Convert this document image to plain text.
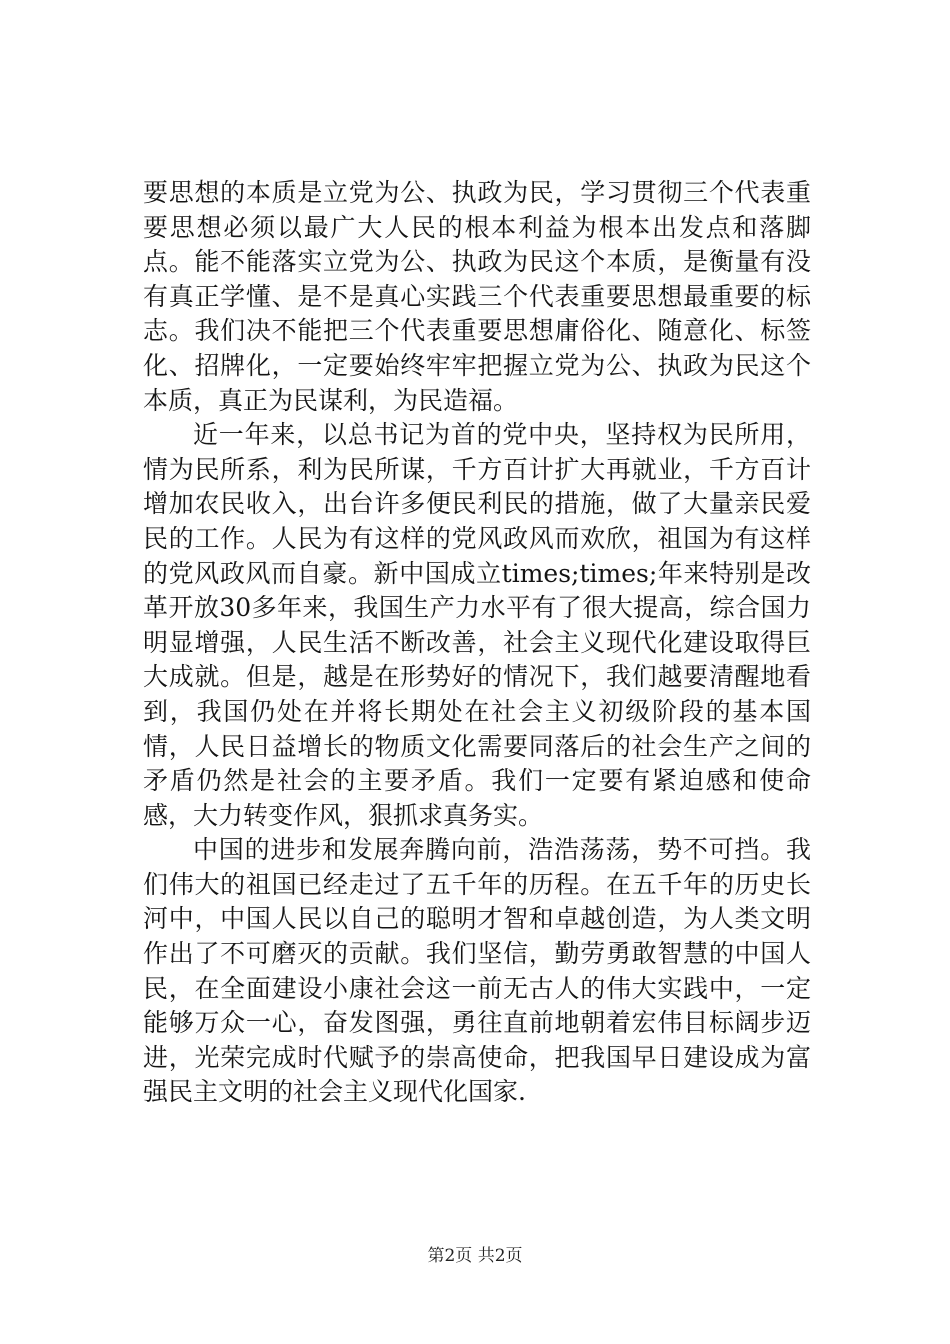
要思想的本质是立党为公、执政为民，学习贯彻三个代表重要思想必须以最广大人民的根本利益为根本出发点和落脚点。能不能落实立党为公、执政为民这个本质，是衡量有没有真正学懂、是不是真心实践三个代表重要思想最重要的标志。我们决不能把三个代表重要思想庸俗化、随意化、标签化、招牌化，一定要始终牢牢把握立党为公、执政为民这个本质，真正为民谋利，为民造福。

近一年来，以总书记为首的党中央，坚持权为民所用，情为民所系，利为民所谋，千方百计扩大再就业，千方百计增加农民收入，出台许多便民利民的措施，做了大量亲民爱民的工作。人民为有这样的党风政风而欢欣，祖国为有这样的党风政风而自豪。新中国成立times;times;年来特别是改革开放30多年来，我国生产力水平有了很大提高，综合国力明显增强，人民生活不断改善，社会主义现代化建设取得巨大成就。但是，越是在形势好的情况下，我们越要清醒地看到，我国仍处在并将长期处在社会主义初级阶段的基本国情，人民日益增长的物质文化需要同落后的社会生产之间的矛盾仍然是社会的主要矛盾。我们一定要有紧迫感和使命感，大力转变作风，狠抓求真务实。

中国的进步和发展奔腾向前，浩浩荡荡，势不可挡。我们伟大的祖国已经走过了五千年的历程。在五千年的历史长河中，中国人民以自己的聪明才智和卓越创造，为人类文明作出了不可磨灭的贡献。我们坚信，勤劳勇敢智慧的中国人民，在全面建设小康社会这一前无古人的伟大实践中，一定能够万众一心，奋发图强，勇往直前地朝着宏伟目标阔步迈进，光荣完成时代赋予的崇高使命，把我国早日建设成为富强民主文明的社会主义现代化国家.

第2页 共2页
